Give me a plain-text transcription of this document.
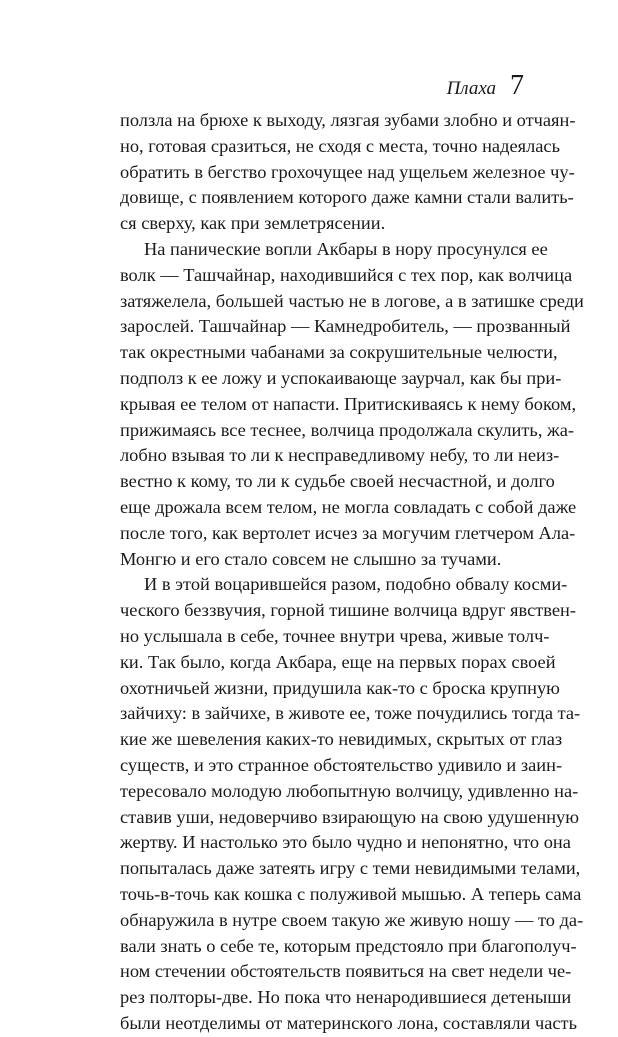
Плаха 7
ползла на брюхе к выходу, лязгая зубами злобно и отчаян-
но, готовая сразиться, не сходя с места, точно надеялась
обратить в бегство грохочущее над ущельем железное чу-
довище, с появлением которого даже камни стали валить-
ся сверху, как при землетрясении.
На панические вопли Акбары в нору просунулся ее
волк — Ташчайнар, находившийся с тех пор, как волчица
затяжелела, большей частью не в логове, а в затишке среди
зарослей. Ташчайнар — Камнедробитель, — прозванный
так окрестными чабанами за сокрушительные челюсти,
подполз к ее ложу и успокаивающе заурчал, как бы при-
крывая ее телом от напасти. Притискиваясь к нему боком,
прижимаясь все теснее, волчица продолжала скулить, жа-
лобно взывая то ли к несправедливому небу, то ли неиз-
вестно к кому, то ли к судьбе своей несчастной, и долго
еще дрожала всем телом, не могла совладать с собой даже
после того, как вертолет исчез за могучим глетчером Ала-
Монгю и его стало совсем не слышно за тучами.
И в этой воцарившейся разом, подобно обвалу косми-
ческого беззвучия, горной тишине волчица вдруг явствен-
но услышала в себе, точнее внутри чрева, живые толч-
ки. Так было, когда Акбара, еще на первых порах своей
охотничьей жизни, придушила как-то с броска крупную
зайчиху: в зайчихе, в животе ее, тоже почудились тогда та-
кие же шевеления каких-то невидимых, скрытых от глаз
существ, и это странное обстоятельство удивило и заин-
тересовало молодую любопытную волчицу, удивленно на-
ставив уши, недоверчиво взирающую на свою удушенную
жертву. И настолько это было чудно и непонятно, что она
попыталась даже затеять игру с теми невидимыми телами,
точь-в-точь как кошка с полуживой мышью. А теперь сама
обнаружила в нутре своем такую же живую ношу — то да-
вали знать о себе те, которым предстояло при благополуч-
ном стечении обстоятельств появиться на свет недели че-
рез полторы-две. Но пока что ненародившиеся детеныши
были неотделимы от материнского лона, составляли часть
